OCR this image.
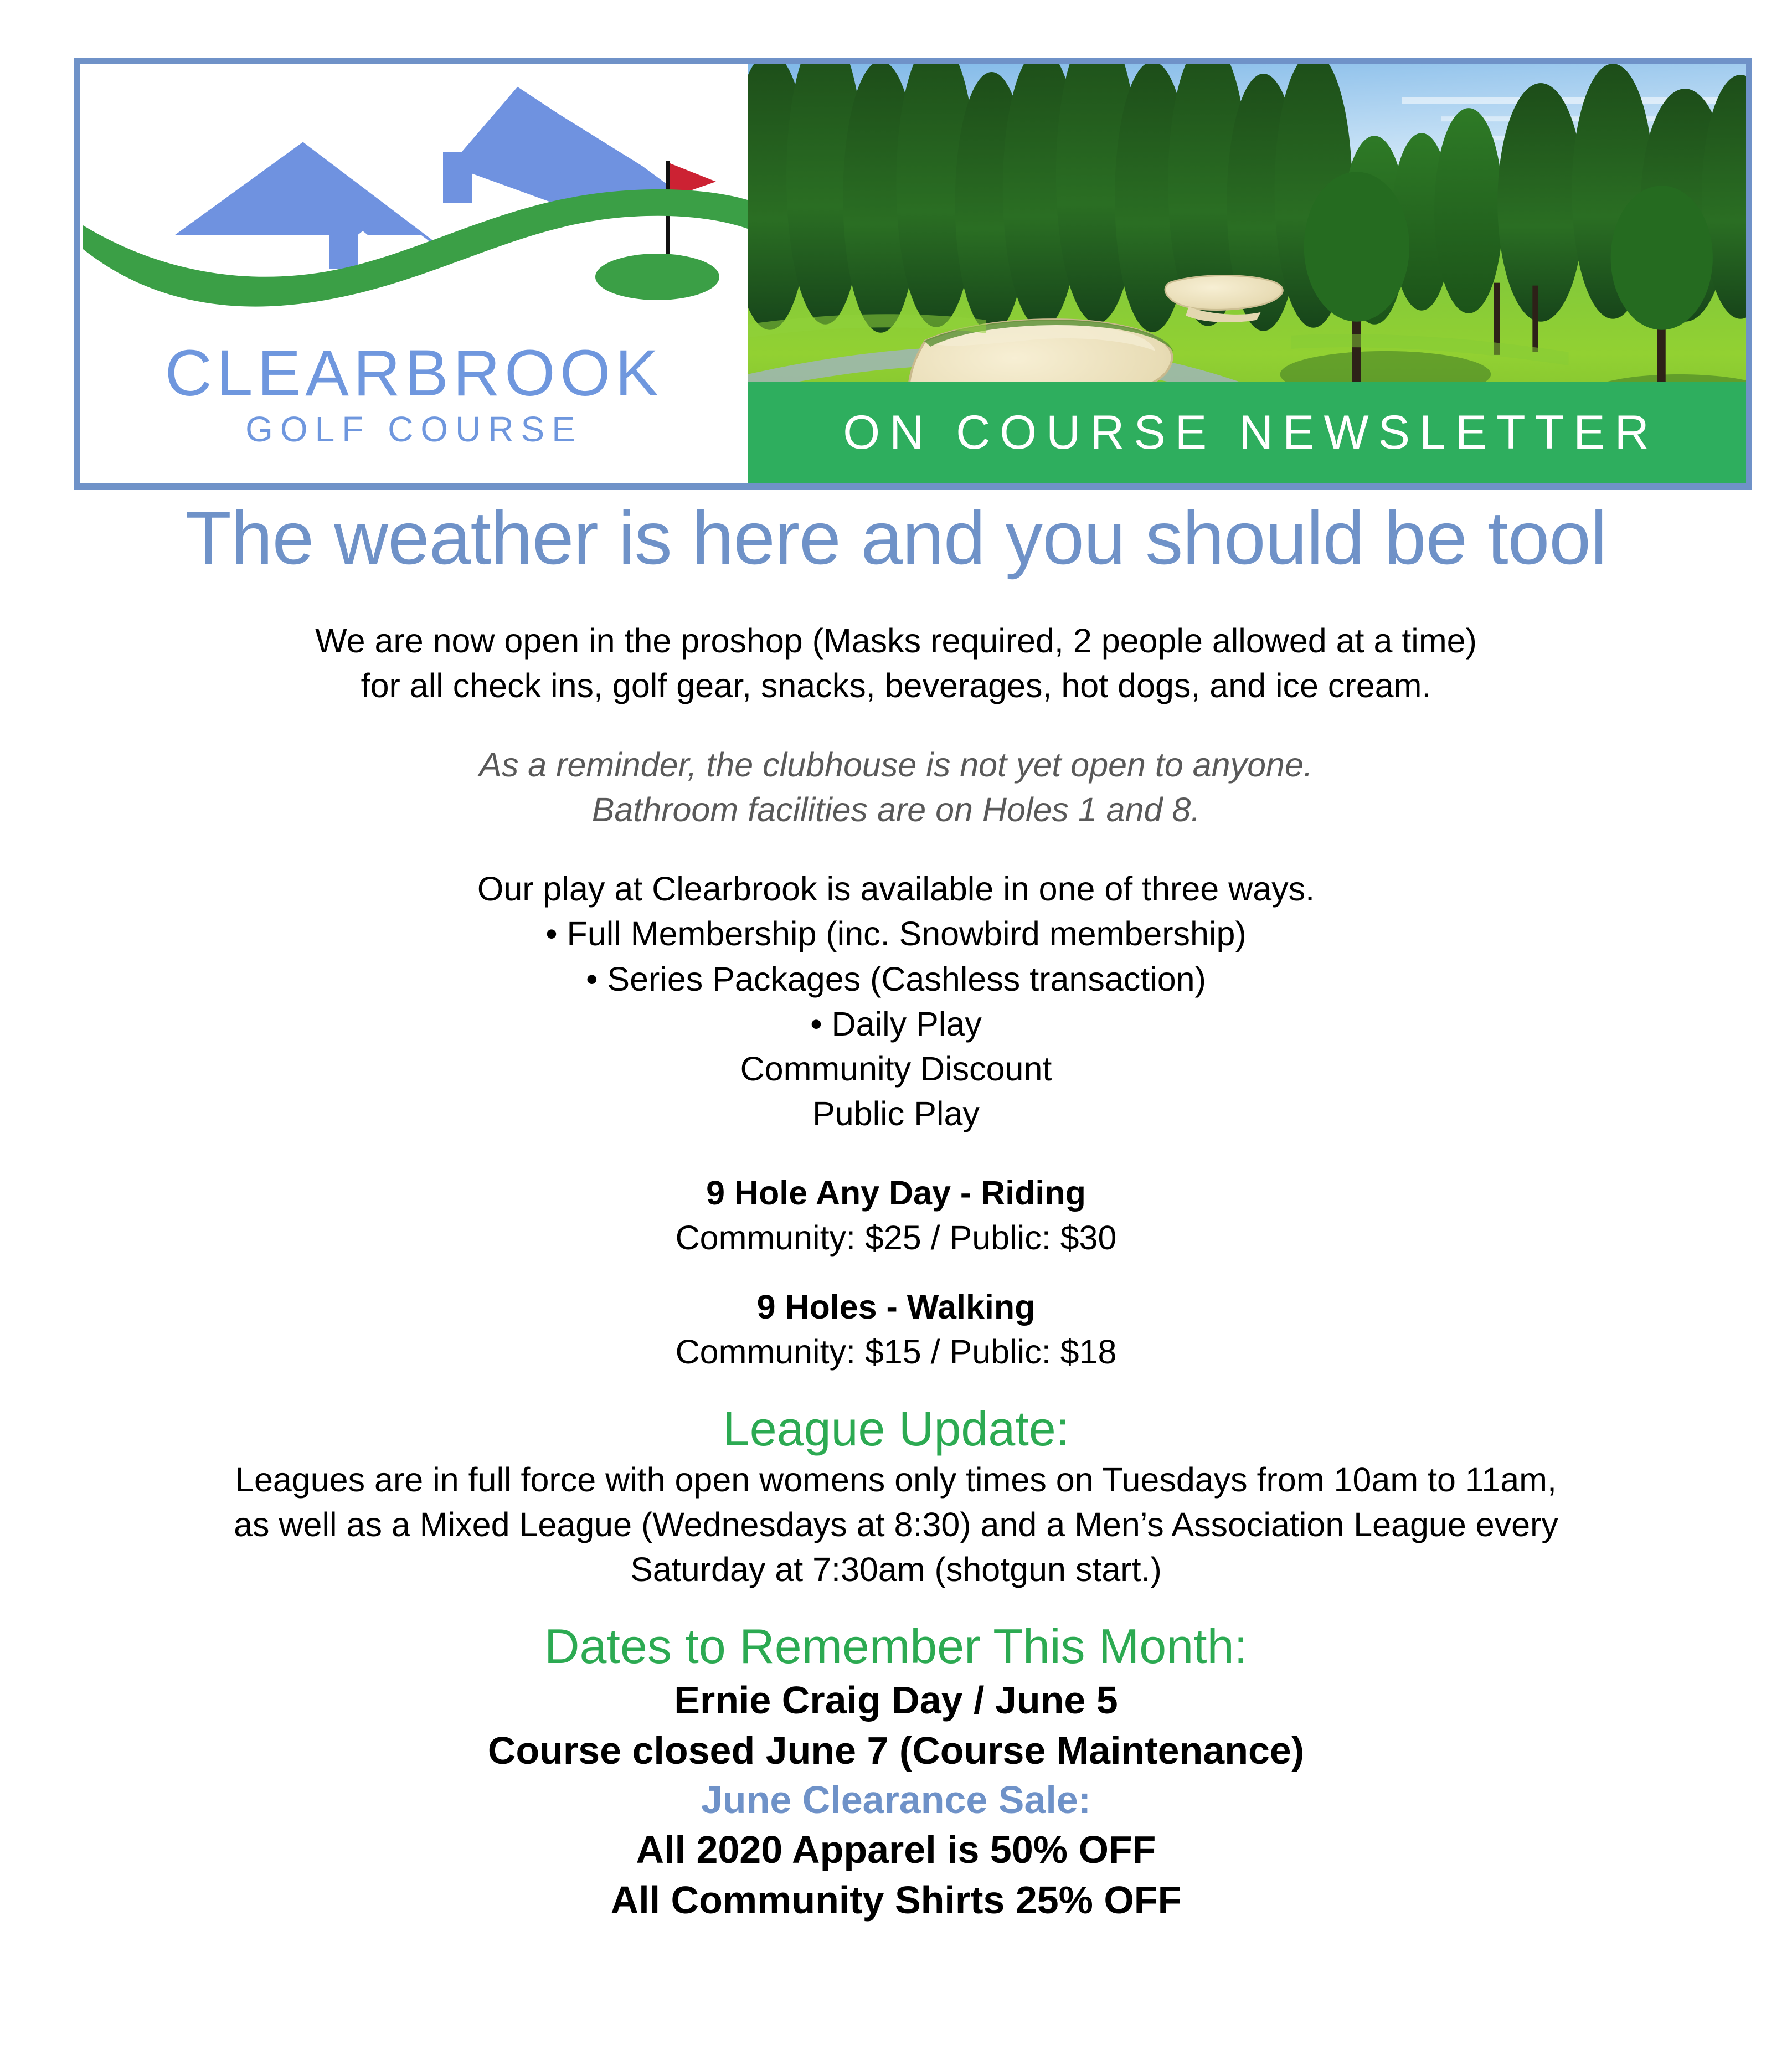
CLEARBROOK
GOLF COURSE	ON COURSE NEWSLETTER
The weather is here and you should be tool

We are now open in the proshop (Masks required, 2 people allowed at a time)

for all check ins, golf gear, snacks, beverages, hot dogs, and ice cream.

As a reminder, the clubhouse is not yet open to anyone.

Bathroom facilities are on Holes 1 and 8.

Our play at Clearbrook is available in one of three ways.

• Full Membership (inc. Snowbird membership)

• Series Packages (Cashless transaction)

• Daily Play

Community Discount

Public Play

9 Hole Any Day - Riding

Community: $25 / Public: $30

9 Holes - Walking

Community: $15 / Public: $18

League Update:

Leagues are in full force with open womens only times on Tuesdays from 10am to 11am,

as well as a Mixed League (Wednesdays at 8:30) and a Men’s Association League every

Saturday at 7:30am (shotgun start.)

Dates to Remember This Month:

Ernie Craig Day / June 5

Course closed June 7 (Course Maintenance)

June Clearance Sale:

All 2020 Apparel is 50% OFF

All Community Shirts 25% OFF
